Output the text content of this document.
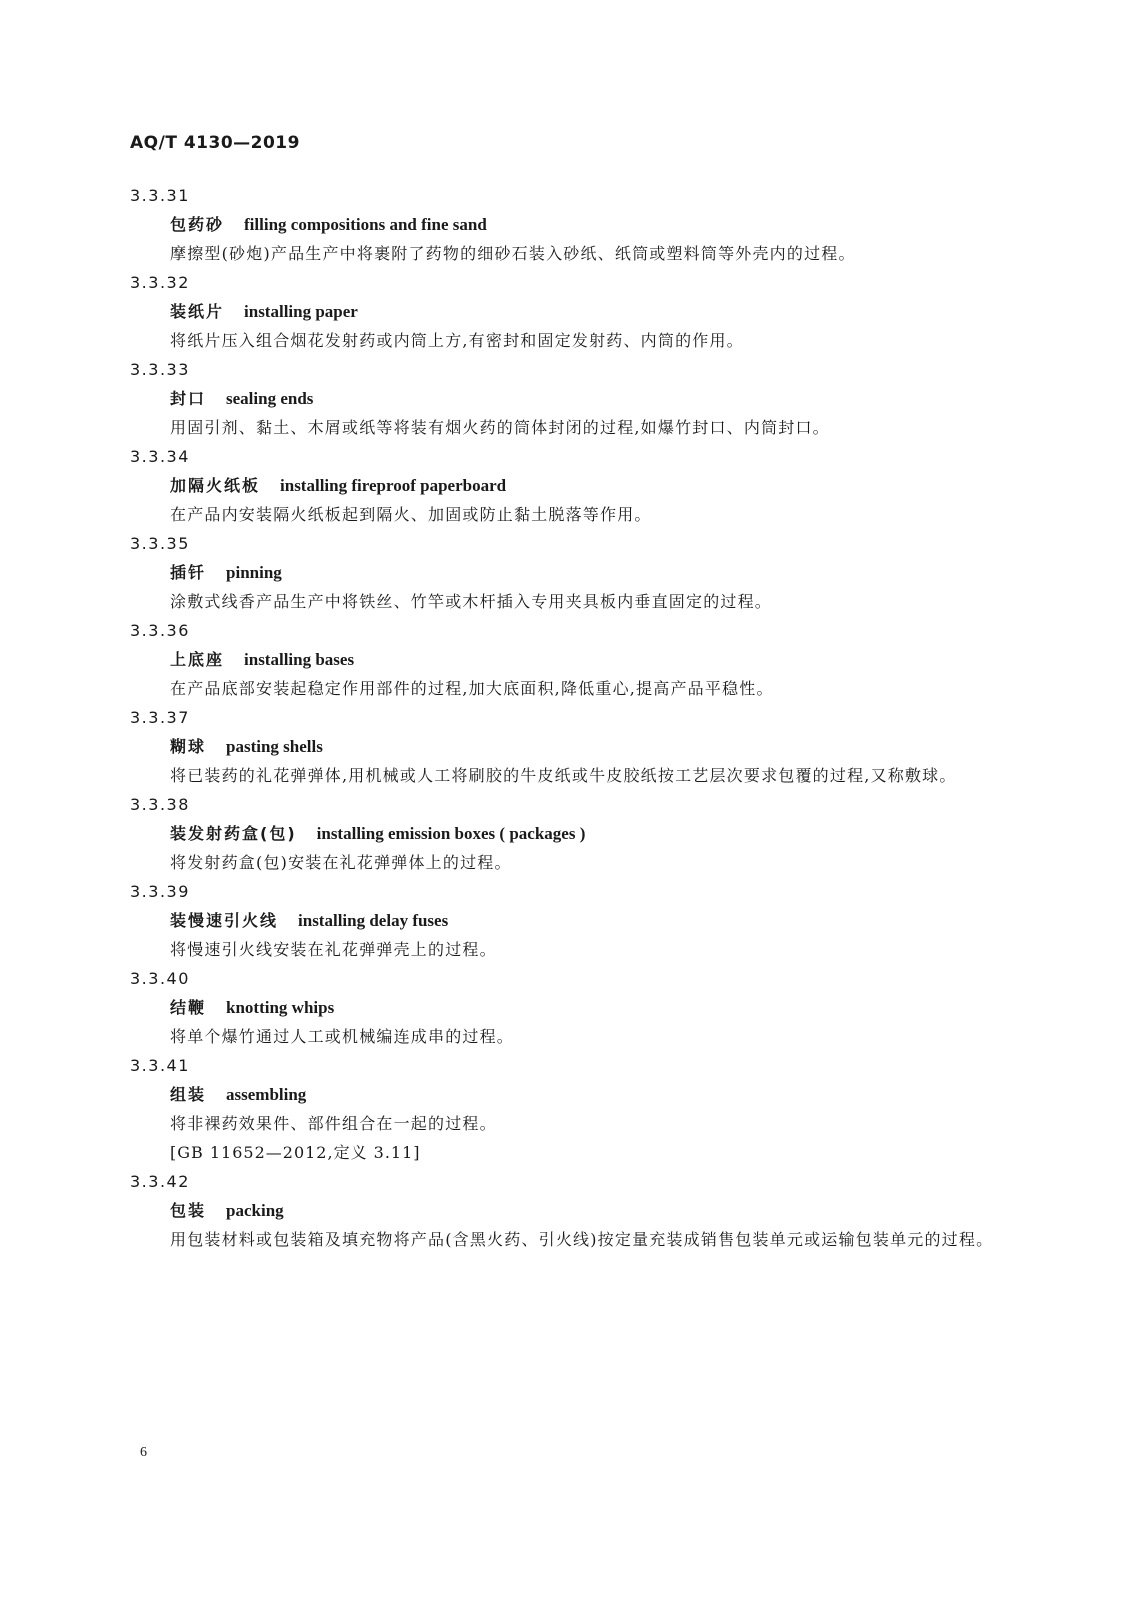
AQ/T 4130—2019
3.3.31
包药砂 filling compositions and fine sand
摩擦型(砂炮)产品生产中将裹附了药物的细砂石装入砂纸、纸筒或塑料筒等外壳内的过程。
3.3.32
装纸片 installing paper
将纸片压入组合烟花发射药或内筒上方,有密封和固定发射药、内筒的作用。
3.3.33
封口 sealing ends
用固引剂、黏土、木屑或纸等将装有烟火药的筒体封闭的过程,如爆竹封口、内筒封口。
3.3.34
加隔火纸板 installing fireproof paperboard
在产品内安装隔火纸板起到隔火、加固或防止黏土脱落等作用。
3.3.35
插钎 pinning
涂敷式线香产品生产中将铁丝、竹竿或木杆插入专用夹具板内垂直固定的过程。
3.3.36
上底座 installing bases
在产品底部安装起稳定作用部件的过程,加大底面积,降低重心,提高产品平稳性。
3.3.37
糊球 pasting shells
将已装药的礼花弹弹体,用机械或人工将刷胶的牛皮纸或牛皮胶纸按工艺层次要求包覆的过程,又称敷球。
3.3.38
装发射药盒(包) installing emission boxes ( packages )
将发射药盒(包)安装在礼花弹弹体上的过程。
3.3.39
装慢速引火线 installing delay fuses
将慢速引火线安装在礼花弹弹壳上的过程。
3.3.40
结鞭 knotting whips
将单个爆竹通过人工或机械编连成串的过程。
3.3.41
组装 assembling
将非裸药效果件、部件组合在一起的过程。
[GB 11652—2012,定义 3.11]
3.3.42
包装 packing
用包装材料或包装箱及填充物将产品(含黑火药、引火线)按定量充装成销售包装单元或运输包装单元的过程。
6
